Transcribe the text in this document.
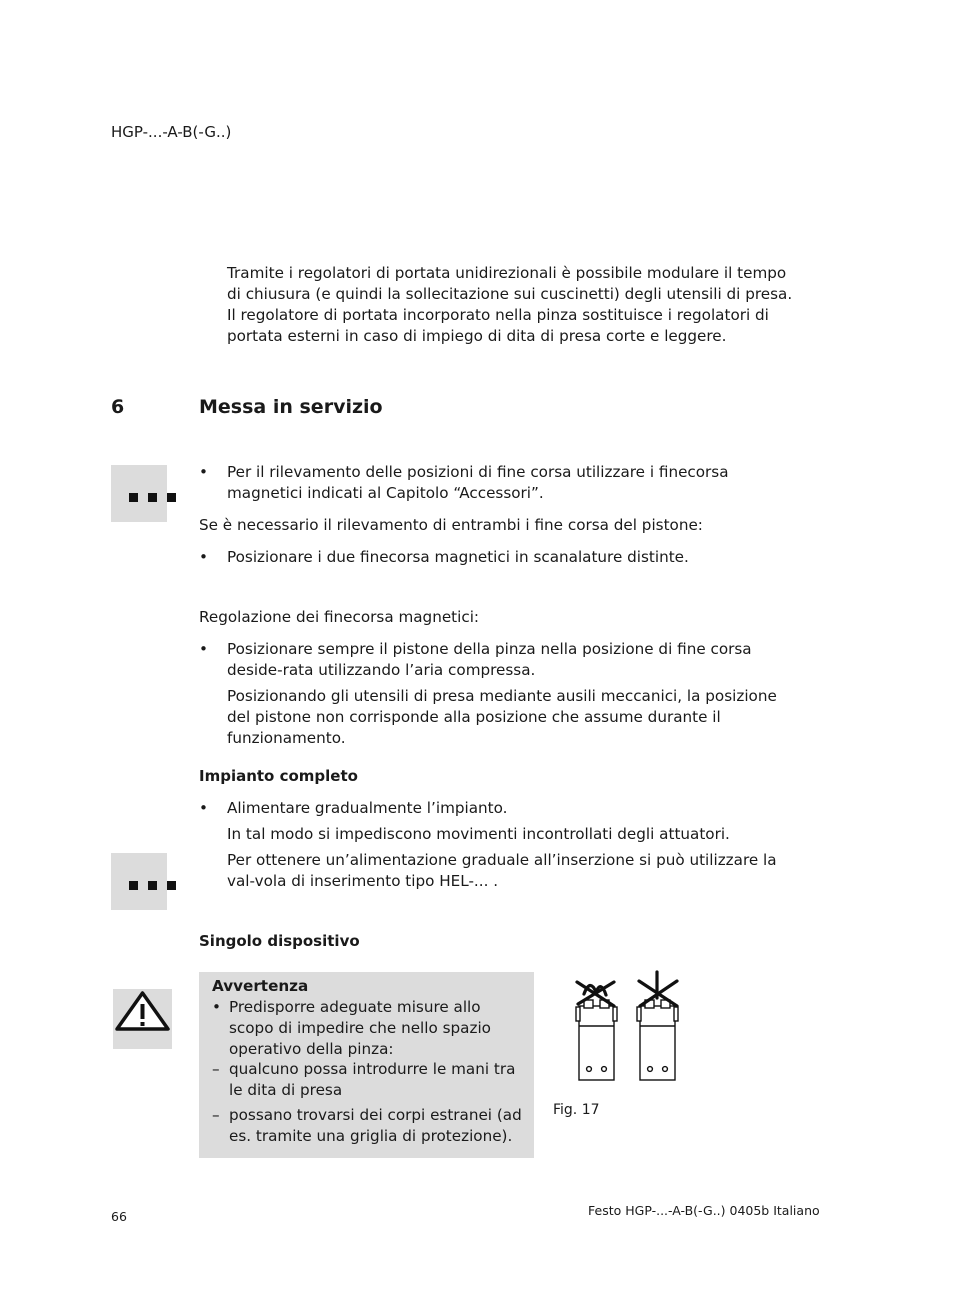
HGP-...-A-B(-G..)
Tramite i regolatori di portata unidirezionali è possibile modulare il tempo di chiusura (e quindi la sollecitazione sui cuscinetti) degli utensili di presa. Il regolatore di portata incorporato nella pinza sostituisce i regolatori di portata esterni in caso di impiego di dita di presa corte e leggere.
6	Messa in servizio
• Per il rilevamento delle posizioni di fine corsa utilizzare i finecorsa magnetici indicati al Capitolo “Accessori”.
Se è necessario il rilevamento di entrambi i fine corsa del pistone:
• Posizionare i due finecorsa magnetici in scanalature distinte.
Regolazione dei finecorsa magnetici:
• Posizionare sempre il pistone della pinza nella posizione di fine corsa deside-rata utilizzando l’aria compressa.
Posizionando gli utensili di presa mediante ausili meccanici, la posizione del pistone non corrisponde alla posizione che assume durante il funzionamento.
Impianto completo
• Alimentare gradualmente l’impianto.
In tal modo si impediscono movimenti incontrollati degli attuatori.
Per ottenere un’alimentazione graduale all’inserzione si può utilizzare la val-vola di inserimento tipo HEL-... .
Singolo dispositivo
Avvertenza
• Predisporre adeguate misure allo scopo di impedire che nello spazio operativo della pinza:
– qualcuno possa introdurre le mani tra le dita di presa
– possano trovarsi dei corpi estranei (ad es. tramite una griglia di protezione).
Fig. 17
66	Festo HGP-...-A-B(-G..) 0405b Italiano
